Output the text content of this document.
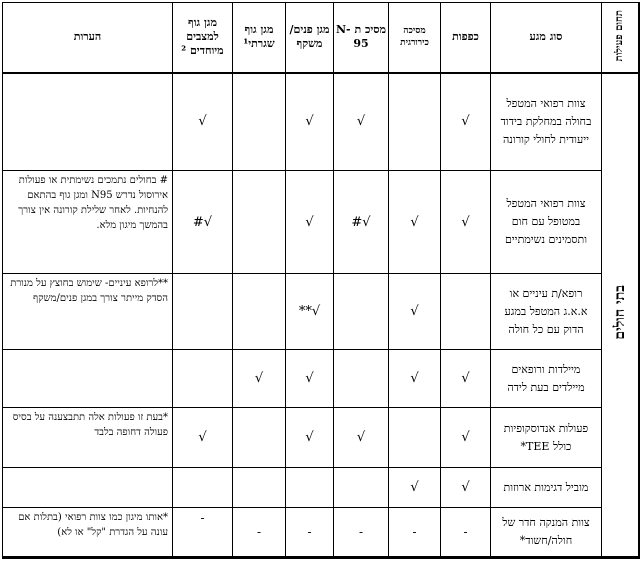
תחום פעילות	סוג מגע	כפפות	מסיכה כירורגית	מסיכ ת N- 95	מגן פנים/ משקף	מגן גוף שגרתי¹	מגן גוף למצבים מיוחדים ²	הערות
בתי חולים	צוות רפואי המטפל בחולה במחלקת בידוד ייעודית לחולי קורונה	√		√	√		√	
	צוות רפואי המטפל במטופל עם חום ותסמינים נשימתיים	√	√	√#	√		√#	# בחולים נתמכים נשימתית או פעולות אירוסול נדרש N95 ומגן גוף בהתאם להנחיות. לאחר שלילת קורונה אין צורך בהמשך מיגון מלא.
	רופא/ת עיניים או א.א.ג המטפל במגע הדוק עם כל חולה		√		√**			**לרופא עיניים- שימוש בחוצץ על מנורת הסדק מייתר צורך במגן פנים/משקף
	מיילדות ורופאים מיילדים בעת לידה	√	√		√	√		
	פעולות אנדוסקופיות כולל TEE*	√		√	√		√	*בעת זו פעולות אלה תתבצענה על בסיס פעולה דחופה בלבד
	מוביל דגימות ארוזות	√	√					
	צוות המנקה חדר של חולה/חשוד*	-	-	-	-	-	-	*אותו מיגון כמו צוות רפואי (בתלות אם עונה על הגדרת "קל" או לא)
